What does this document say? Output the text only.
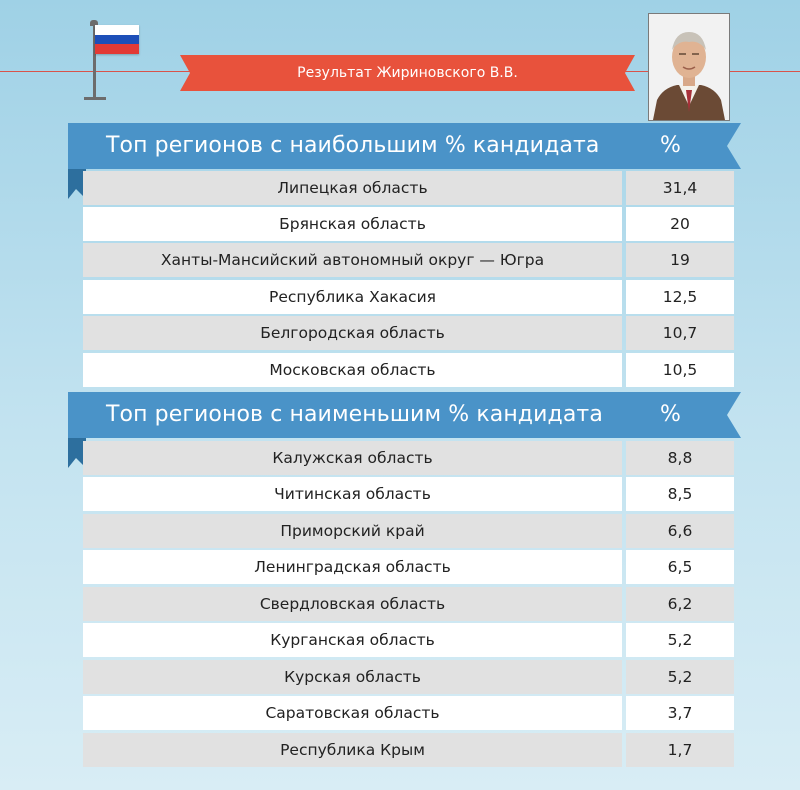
Результат Жириновского В.В.
Топ регионов с наибольшим % кандидата	%
Липецкая область	31,4
Брянская область	20
Ханты-Мансийский автономный округ — Югра	19
Республика Хакасия	12,5
Белгородская область	10,7
Московская область	10,5
Топ регионов с наименьшим % кандидата	%
Калужская область	8,8
Читинская область	8,5
Приморский край	6,6
Ленинградская область	6,5
Свердловская область	6,2
Курганская область	5,2
Курская область	5,2
Саратовская область	3,7
Республика Крым	1,7
